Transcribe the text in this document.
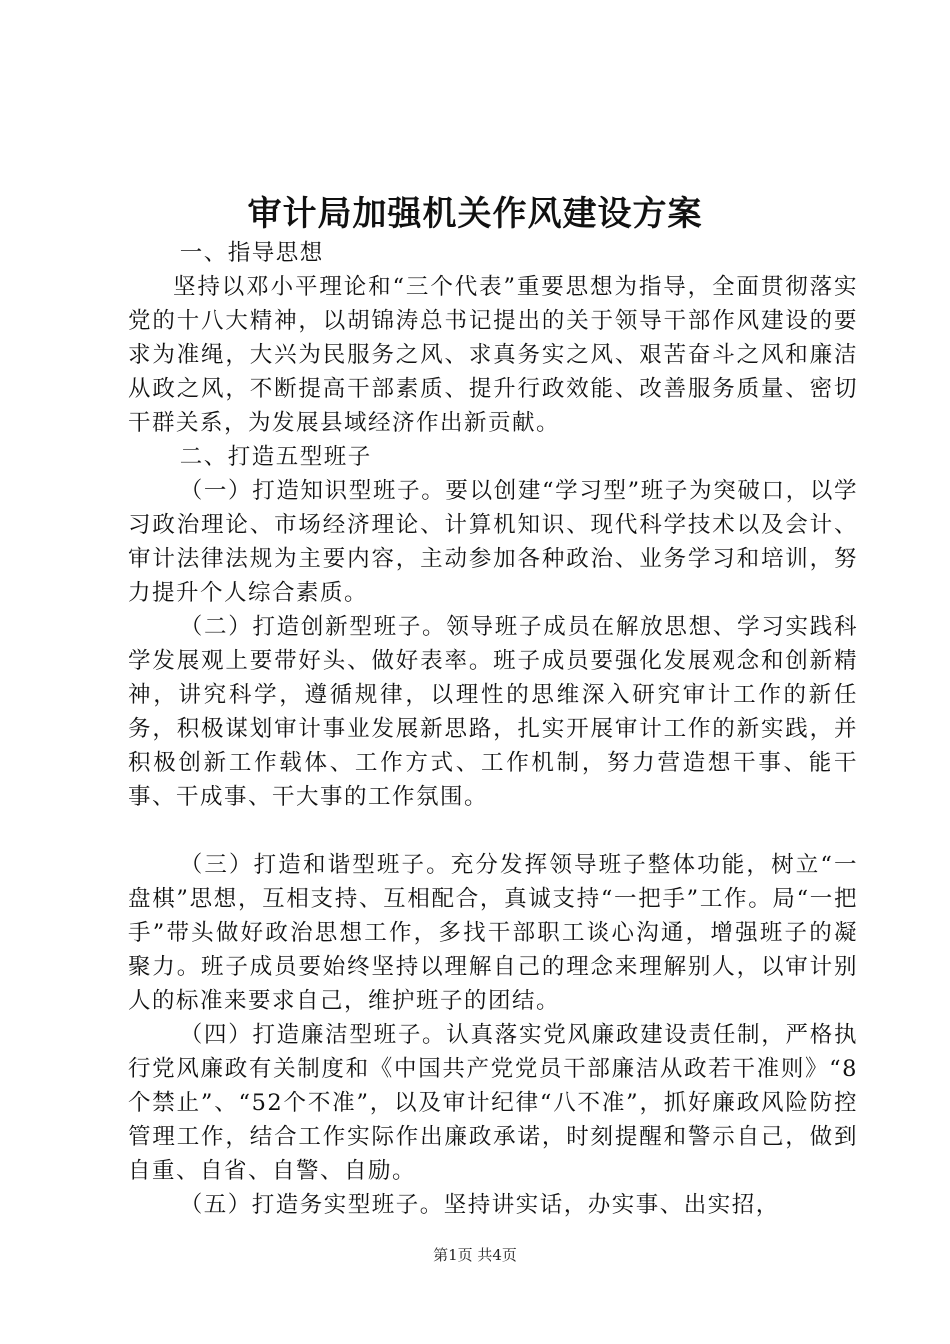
审计局加强机关作风建设方案

一、指导思想

坚持以邓小平理论和“三个代表”重要思想为指导，全面贯彻落实党的十八大精神，以胡锦涛总书记提出的关于领导干部作风建设的要求为准绳，大兴为民服务之风、求真务实之风、艰苦奋斗之风和廉洁从政之风，不断提高干部素质、提升行政效能、改善服务质量、密切干群关系，为发展县域经济作出新贡献。

二、打造五型班子

（一）打造知识型班子。要以创建“学习型”班子为突破口，以学习政治理论、市场经济理论、计算机知识、现代科学技术以及会计、审计法律法规为主要内容，主动参加各种政治、业务学习和培训，努力提升个人综合素质。

（二）打造创新型班子。领导班子成员在解放思想、学习实践科学发展观上要带好头、做好表率。班子成员要强化发展观念和创新精神，讲究科学，遵循规律，以理性的思维深入研究审计工作的新任务，积极谋划审计事业发展新思路，扎实开展审计工作的新实践，并积极创新工作载体、工作方式、工作机制，努力营造想干事、能干事、干成事、干大事的工作氛围。

（三）打造和谐型班子。充分发挥领导班子整体功能，树立“一盘棋”思想，互相支持、互相配合，真诚支持“一把手”工作。局“一把手”带头做好政治思想工作，多找干部职工谈心沟通，增强班子的凝聚力。班子成员要始终坚持以理解自己的理念来理解别人，以审计别人的标准来要求自己，维护班子的团结。

（四）打造廉洁型班子。认真落实党风廉政建设责任制，严格执行党风廉政有关制度和《中国共产党党员干部廉洁从政若干准则》“8个禁止”、“52个不准”，以及审计纪律“八不准”，抓好廉政风险防控管理工作，结合工作实际作出廉政承诺，时刻提醒和警示自己，做到自重、自省、自警、自励。

（五）打造务实型班子。坚持讲实话，办实事、出实招，

第1页 共4页
